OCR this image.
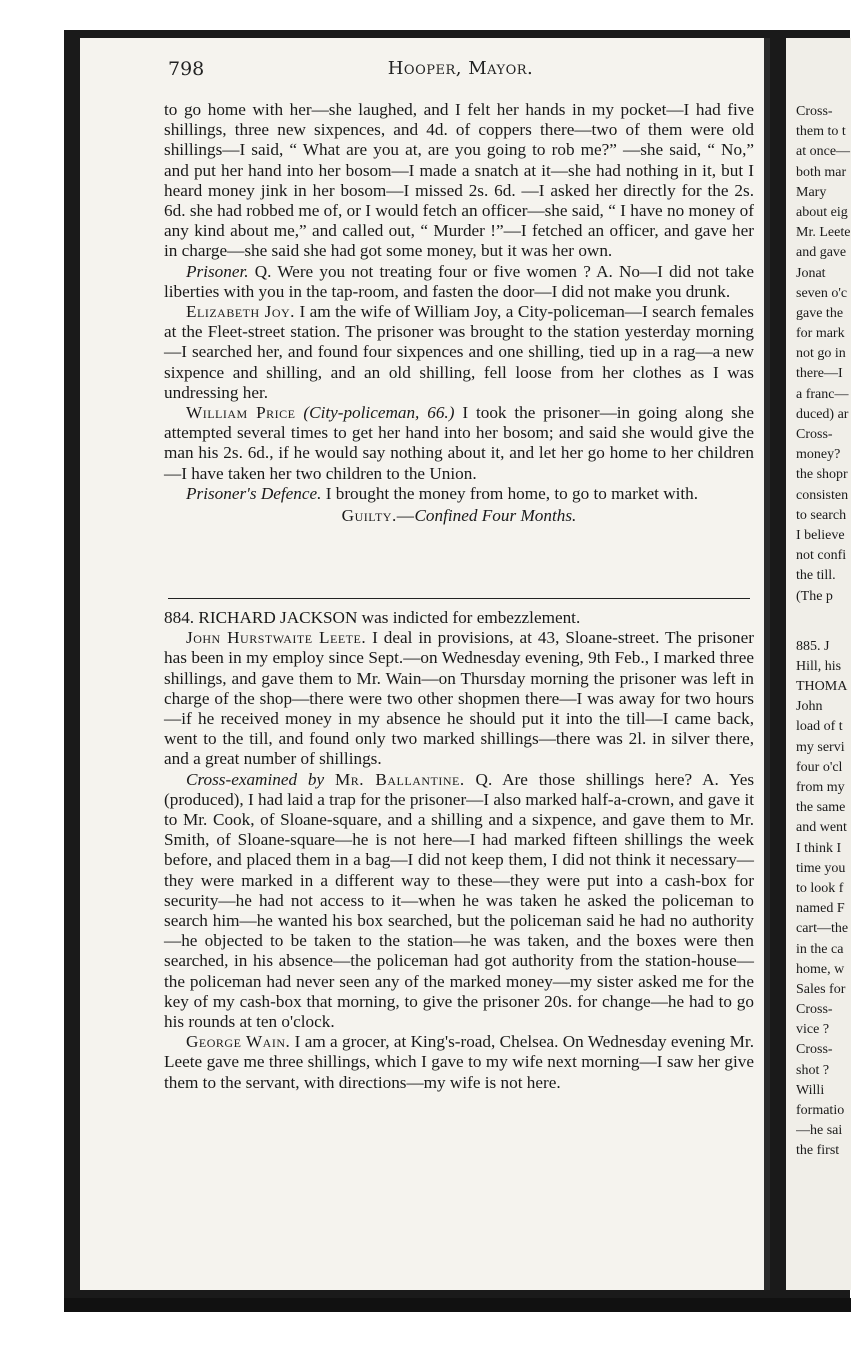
798	Hooper, Mayor.

to go home with her—she laughed, and I felt her hands in my pocket—I had five shillings, three new sixpences, and 4d. of coppers there—two of them were old shillings—I said, “ What are you at, are you going to rob me?” —she said, “ No,” and put her hand into her bosom—I made a snatch at it—she had nothing in it, but I heard money jink in her bosom—I missed 2s. 6d. —I asked her directly for the 2s. 6d. she had robbed me of, or I would fetch an officer—she said, “ I have no money of any kind about me,” and called out, “ Murder !”—I fetched an officer, and gave her in charge—she said she had got some money, but it was her own.

Prisoner. Q. Were you not treating four or five women ? A. No—I did not take liberties with you in the tap-room, and fasten the door—I did not make you drunk.

Elizabeth Joy. I am the wife of William Joy, a City-policeman—I search females at the Fleet-street station. The prisoner was brought to the station yesterday morning—I searched her, and found four sixpences and one shilling, tied up in a rag—a new sixpence and shilling, and an old shilling, fell loose from her clothes as I was undressing her.

William Price (City-policeman, 66.) I took the prisoner—in going along she attempted several times to get her hand into her bosom; and said she would give the man his 2s. 6d., if he would say nothing about it, and let her go home to her children—I have taken her two children to the Union.

Prisoner's Defence. I brought the money from home, to go to market with.

Guilty.—Confined Four Months.

884. RICHARD JACKSON was indicted for embezzlement.

John Hurstwaite Leete. I deal in provisions, at 43, Sloane-street. The prisoner has been in my employ since Sept.—on Wednesday evening, 9th Feb., I marked three shillings, and gave them to Mr. Wain—on Thursday morning the prisoner was left in charge of the shop—there were two other shopmen there—I was away for two hours—if he received money in my absence he should put it into the till—I came back, went to the till, and found only two marked shillings—there was 2l. in silver there, and a great number of shillings.

Cross-examined by Mr. Ballantine. Q. Are those shillings here? A. Yes (produced), I had laid a trap for the prisoner—I also marked half-a-crown, and gave it to Mr. Cook, of Sloane-square, and a shilling and a sixpence, and gave them to Mr. Smith, of Sloane-square—he is not here—I had marked fifteen shillings the week before, and placed them in a bag—I did not keep them, I did not think it necessary—they were marked in a different way to these—they were put into a cash-box for security—he had not access to it—when he was taken he asked the policeman to search him—he wanted his box searched, but the policeman said he had no authority—he objected to be taken to the station—he was taken, and the boxes were then searched, in his absence—the policeman had got authority from the station-house—the policeman had never seen any of the marked money—my sister asked me for the key of my cash-box that morning, to give the prisoner 20s. for change—he had to go his rounds at ten o'clock.

George Wain. I am a grocer, at King's-road, Chelsea. On Wednesday evening Mr. Leete gave me three shillings, which I gave to my wife next morning—I saw her give them to the servant, with directions—my wife is not here.

Cross-
them to t
at once—
both mar
Mary
about eig
Mr. Leete
and gave
Jonat
seven o'c
gave the
for mark
not go in
there—I
a franc—
duced) ar
Cross-
money?
the shopr
consisten
to search
I believe
not confi
the till.
(The p
885. J
Hill, his
THOMA
John
load of t
my servi
four o'cl
from my
the same
and went
I think I
time you
to look f
named F
cart—the
in the ca
home, w
Sales for
Cross-
vice ?
Cross-
shot ?
Willi
formatio
—he sai
the first
